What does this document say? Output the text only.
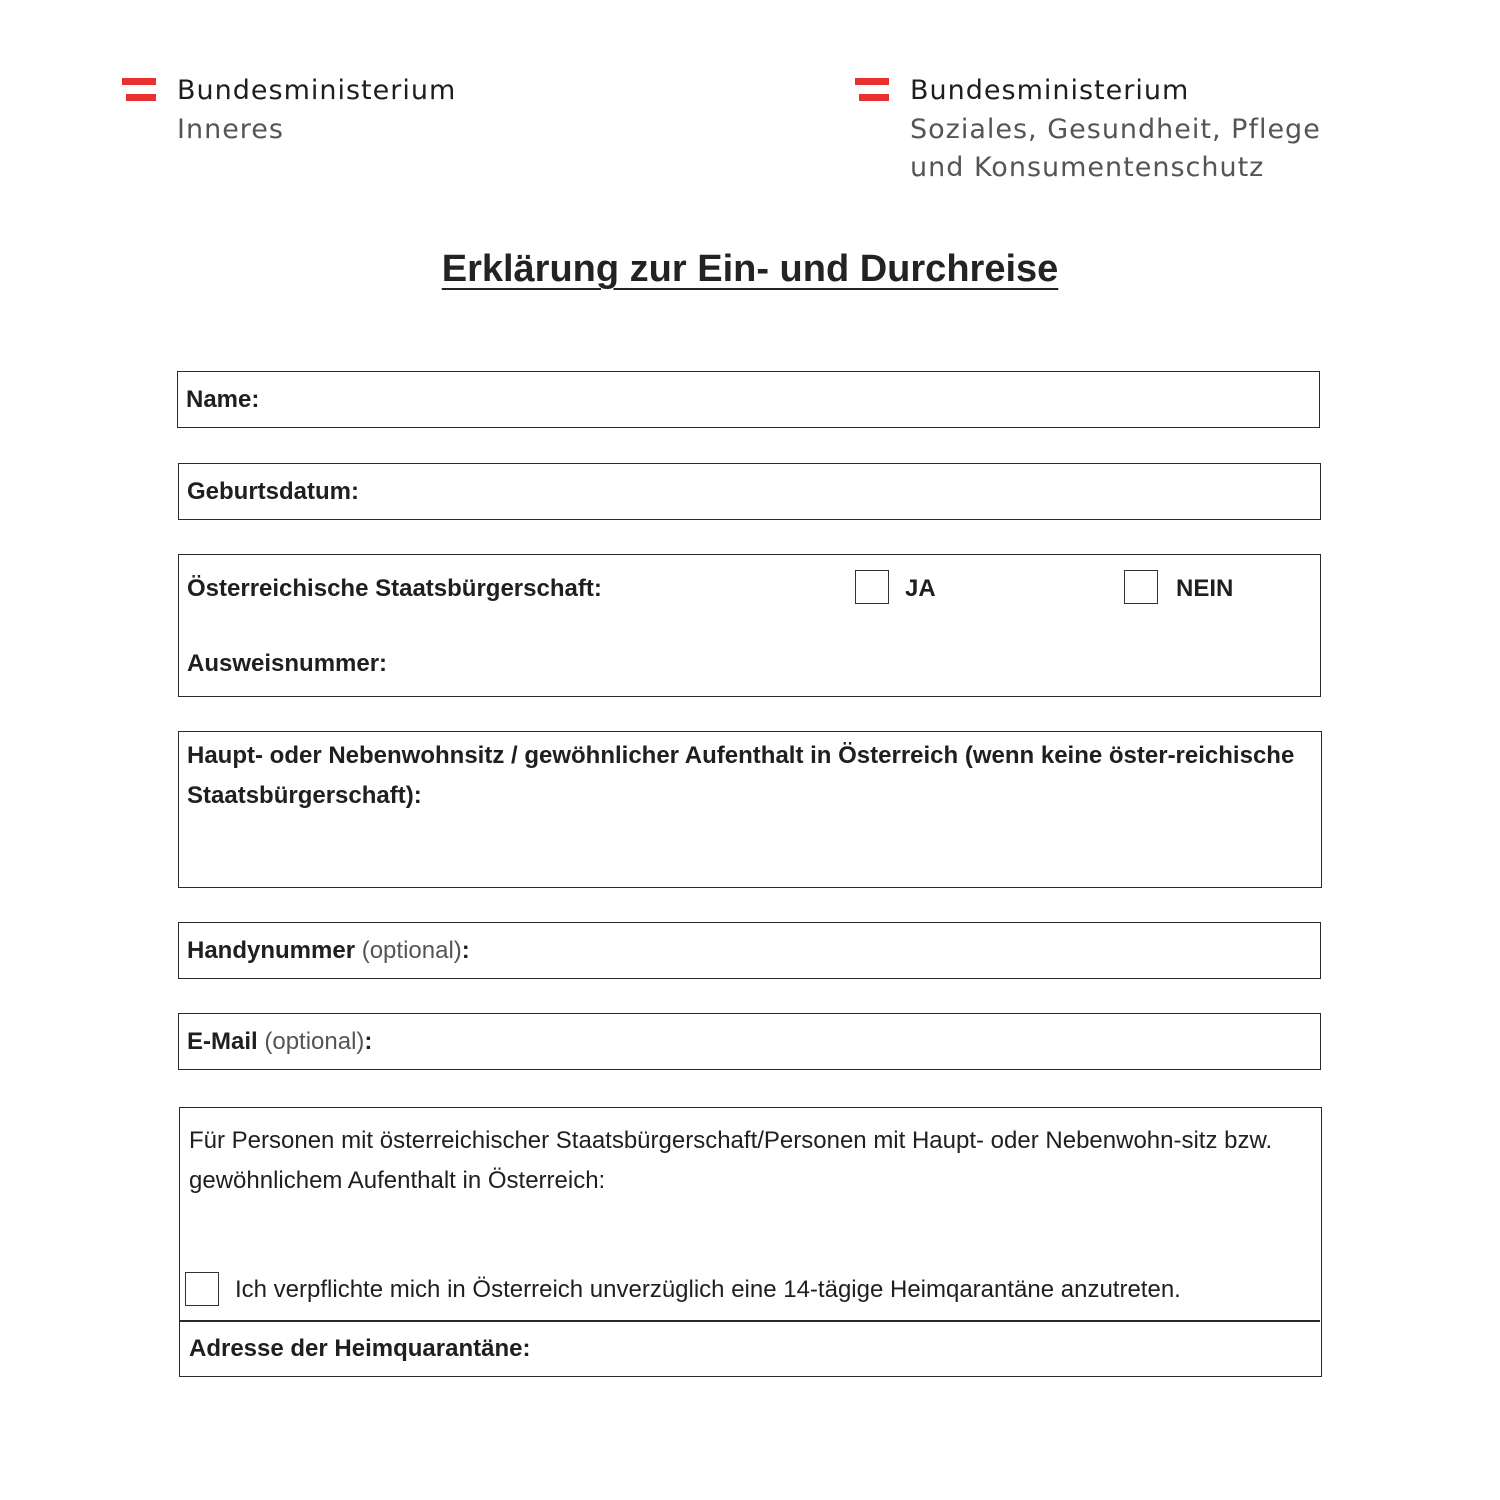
Bundesministerium
Inneres
Bundesministerium
Soziales, Gesundheit, Pflege
und Konsumentenschutz
Erklärung zur Ein- und Durchreise
Name:
Geburtsdatum:
Österreichische Staatsbürgerschaft:	JA	NEIN
Ausweisnummer:
Haupt- oder Nebenwohnsitz / gewöhnlicher Aufenthalt in Österreich (wenn keine öster-reichische Staatsbürgerschaft):
Handynummer (optional):
E-Mail (optional):
Für Personen mit österreichischer Staatsbürgerschaft/Personen mit Haupt- oder Nebenwohn-sitz bzw. gewöhnlichem Aufenthalt in Österreich:
Ich verpflichte mich in Österreich unverzüglich eine 14-tägige Heimqarantäne anzutreten.
Adresse der Heimquarantäne:
